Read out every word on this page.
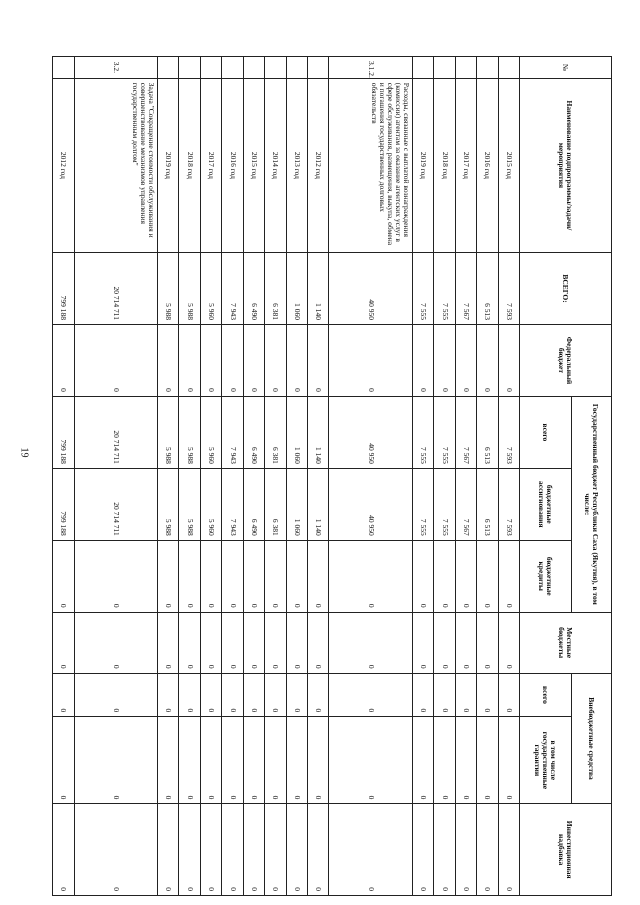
19
№	Наименование подпрограммы/задачи/мероприятия	ВСЕГО:	Федеральный бюджет	Государственный бюджет Республики Саха (Якутия), в том числе:			Местные бюджеты	Внебюджетные средства		Инвестиционная надбавка
				всего	бюджетные ассигнования	бюджетные кредиты		всего	в том числе государственные гарантии	
	2015 год	7 593	0	7 593	7 593	0	0	0	0	0
	2016 год	6 513	0	6 513	6 513	0	0	0	0	0
	2017 год	7 567	0	7 567	7 567	0	0	0	0	0
	2018 год	7 555	0	7 555	7 555	0	0	0	0	0
	2019 год	7 555	0	7 555	7 555	0	0	0	0	0
3.1.2.	Расходы, связанные с выплатой вознаграждения (комиссии) агентам за оказание агентских услуг в сфере обслуживания, размещения, выкупа, обмена и погашения государственных долговых обязательств	40 950	0	40 950	40 950	0	0	0	0	0
	2012 год	1 140	0	1 140	1 140	0	0	0	0	0
	2013 год	1 060	0	1 060	1 060	0	0	0	0	0
	2014 год	6 381	0	6 381	6 381	0	0	0	0	0
	2015 год	6 490	0	6 490	6 490	0	0	0	0	0
	2016 год	7 943	0	7 943	7 943	0	0	0	0	0
	2017 год	5 960	0	5 960	5 960	0	0	0	0	0
	2018 год	5 988	0	5 988	5 988	0	0	0	0	0
	2019 год	5 988	0	5 988	5 988	0	0	0	0	0
3.2.	Задача "Сокращение стоимости обслуживания и совершенствование механизмов управления государственным долгом"	20 714 711	0	20 714 711	20 714 711	0	0	0	0	0
	2012 год	799 188	0	799 188	799 188	0	0	0	0	0
